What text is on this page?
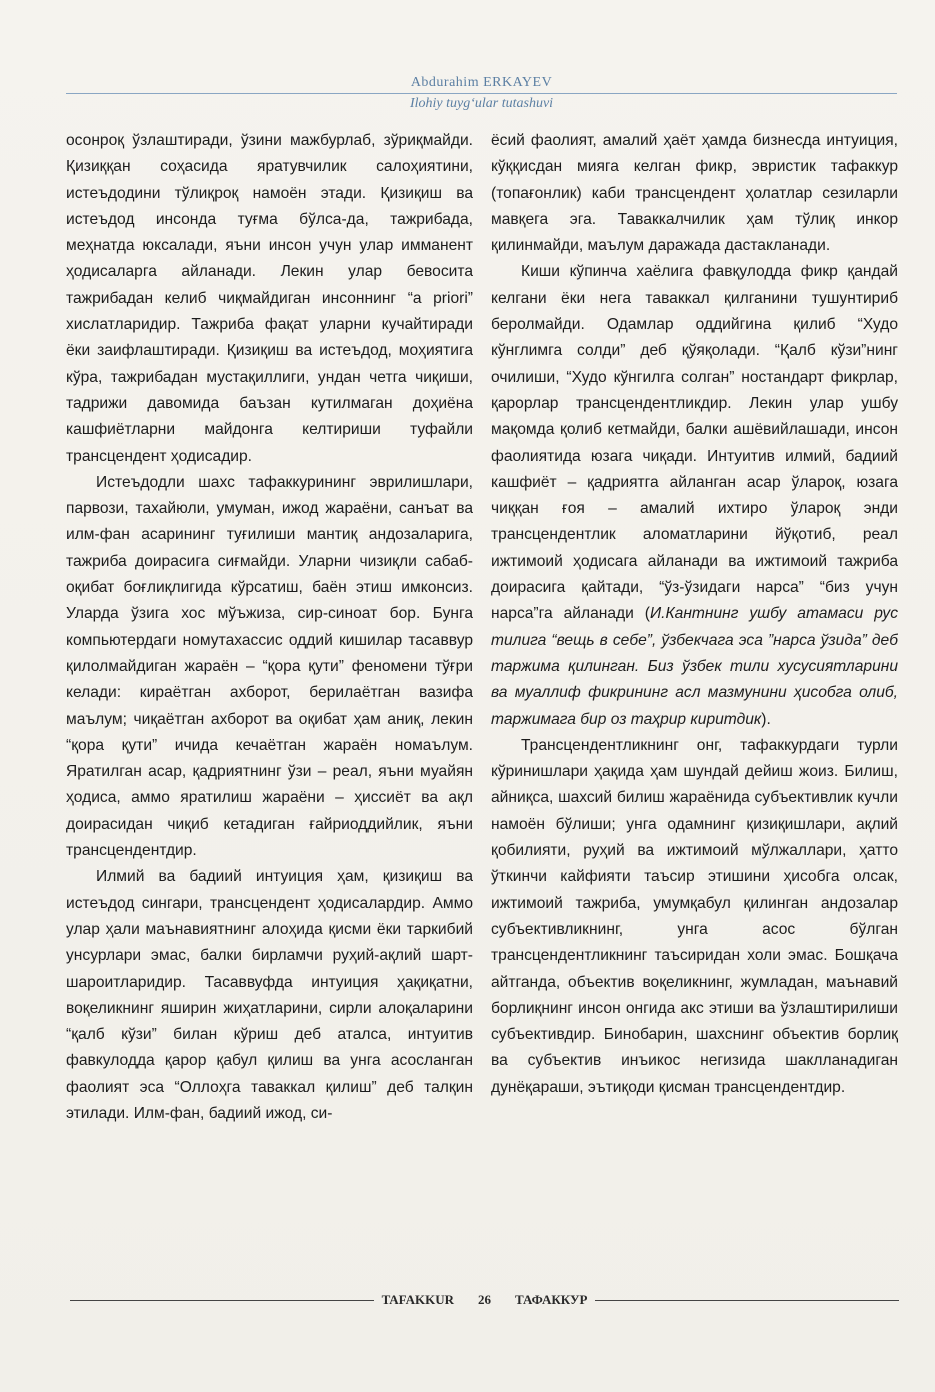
Abdurahim ERKAYEV
Ilohiy tuyg‘ular tutashuvi

осонроқ ўзлаштиради, ўзини мажбурлаб, зўриқмайди. Қизиққан соҳасида яратувчилик салоҳиятини, истеъдодини тўлиқроқ намоён этади. Қизиқиш ва истеъдод инсонда туғма бўлса-да, тажрибада, меҳнатда юксалади, яъни инсон учун улар имманент ҳодисаларга айланади. Лекин улар бевосита тажрибадан келиб чиқмайдиган инсоннинг “a priori” хислатларидир. Тажриба фақат уларни кучайтиради ёки заифлаштиради. Қизиқиш ва истеъдод, моҳиятига кўра, тажрибадан мустақиллиги, ундан четга чиқиши, тадрижи давомида баъзан кутилмаган доҳиёна кашфиётларни майдонга келтириши туфайли трансцендент ҳодисадир.

Истеъдодли шахс тафаккурининг эврилишлари, парвози, тахайюли, умуман, ижод жараёни, санъат ва илм-фан асарининг туғилиши мантиқ андозаларига, тажриба доирасига сиғмайди. Уларни чизиқли сабаб-оқибат боғлиқлигида кўрсатиш, баён этиш имконсиз. Уларда ўзига хос мўъжиза, сир-синоат бор. Бунга компьютердаги номутахассис оддий кишилар тасаввур қилолмайдиган жараён – “қора қути” феномени тўғри келади: кираётган ахборот, берилаётган вазифа маълум; чиқаётган ахборот ва оқибат ҳам аниқ, лекин “қора қути” ичида кечаётган жараён номаълум. Яратилган асар, қадриятнинг ўзи – реал, яъни муайян ҳодиса, аммо яратилиш жараёни – ҳиссиёт ва ақл доирасидан чиқиб кетадиган ғайриоддийлик, яъни трансцендентдир.

Илмий ва бадиий интуиция ҳам, қизиқиш ва истеъдод сингари, трансцендент ҳодисалардир. Аммо улар ҳали маънавиятнинг алоҳида қисми ёки таркибий унсурлари эмас, балки бирламчи руҳий-ақлий шарт-шароитларидир. Тасаввуфда интуиция ҳақиқатни, воқеликнинг яширин жиҳатларини, сирли алоқаларини “қалб кўзи” билан кўриш деб аталса, интуитив фавкулодда қарор қабул қилиш ва унга асосланган фаолият эса “Оллоҳга таваккал қилиш” деб талқин этилади. Илм-фан, бадиий ижод, си-

ёсий фаолият, амалий ҳаёт ҳамда бизнесда интуиция, кўққисдан мияга келган фикр, эвристик тафаккур (топағонлик) каби трансцендент ҳолатлар сезиларли мавқега эга. Таваккалчилик ҳам тўлиқ инкор қилинмайди, маълум даражада дастакланади.

Киши кўпинча хаёлига фавқулодда фикр қандай келгани ёки нега таваккал қилганини тушунтириб беролмайди. Одамлар оддийгина қилиб “Худо кўнглимга солди” деб қўяқолади. “Қалб кўзи”нинг очилиши, “Худо кўнгилга солган” ностандарт фикрлар, қарорлар трансцендентликдир. Лекин улар ушбу мақомда қолиб кетмайди, балки ашёвийлашади, инсон фаолиятида юзага чиқади. Интуитив илмий, бадиий кашфиёт – қадриятга айланган асар ўлароқ, юзага чиққан ғоя – амалий ихтиро ўлароқ энди трансцендентлик аломатларини йўқотиб, реал ижтимоий ҳодисага айланади ва ижтимоий тажриба доирасига қайтади, “ўз-ўзидаги нарса” “биз учун нарса”га айланади (И.Кантнинг ушбу атамаси рус тилига “вещь в себе”, ўзбекчага эса ”нарса ўзида” деб таржима қилинган. Биз ўзбек тили хусусиятларини ва муаллиф фикрининг асл мазмунини ҳисобга олиб, таржимага бир оз таҳрир киритдик).

Трансцендентликнинг онг, тафаккурдаги турли кўринишлари ҳақида ҳам шундай дейиш жоиз. Билиш, айниқса, шахсий билиш жараёнида субъективлик кучли намоён бўлиши; унга одамнинг қизиқишлари, ақлий қобилияти, руҳий ва ижтимоий мўлжаллари, ҳатто ўткинчи кайфияти таъсир этишини ҳисобга олсак, ижтимоий тажриба, умумқабул қилинган андозалар субъективликнинг, унга асос бўлган трансцендентликнинг таъсиридан холи эмас. Бошқача айтганда, объектив воқеликнинг, жумладан, маънавий борлиқнинг инсон онгида акс этиши ва ўзлаштирилиши субъективдир. Бинобарин, шахснинг объектив борлиқ ва субъектив инъикос негизида шаклланадиган дунёқараши, эътиқоди қисман трансцендентдир.

TAFAKKUR	26	ТАФАККУР
